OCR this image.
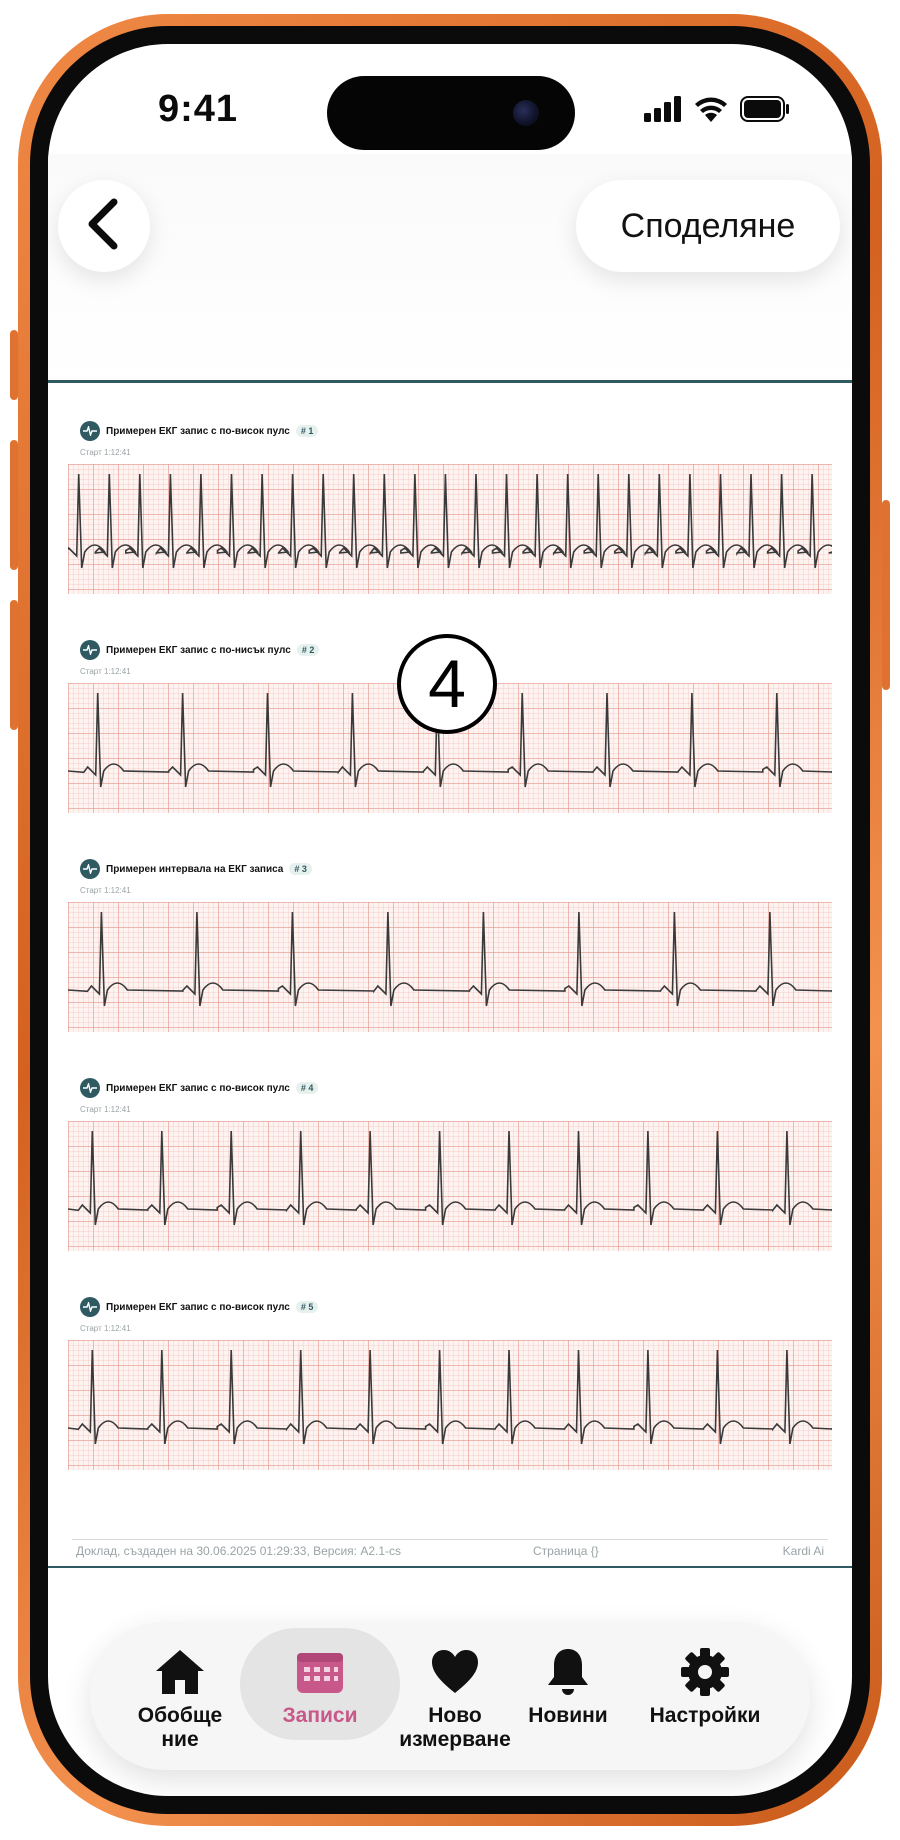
9:41
Споделяне
Примерен ЕКГ запис с по-висок пулс	# 1
Старт 1:12:41
Примерен ЕКГ запис с по-нисък пулс	# 2
Старт 1:12:41
Примерен интервала на ЕКГ записа	# 3
Старт 1:12:41
Примерен ЕКГ запис с по-висок пулс	# 4
Старт 1:12:41
Примерен ЕКГ запис с по-висок пулс	# 5
Старт 1:12:41
4
Доклад, създаден на 30.06.2025 01:29:33, Версия: A2.1-cs	Страница {}	Kardi Ai
Обобще
ние
Записи	Ново
измерване
Новини Настройки
